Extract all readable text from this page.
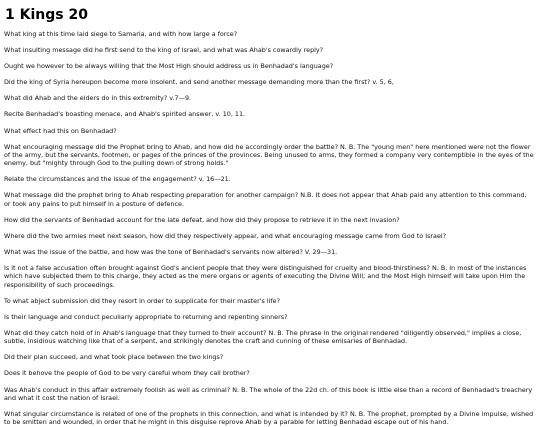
1 Kings 20

What king at this time laid siege to Samaria, and with how large a force?

What insulting message did he first send to the king of Israel, and what was Ahab's cowardly reply?

Ought we however to be always willing that the Most High should address us in Benhadad's language?

Did the king of Syria hereupon become more insolent, and send another message demanding more than the first? v. 5, 6,

What did Ahab and the elders do in this extremity? v.7—9.

Recite Benhadad's boasting menace, and Ahab's spirited answer, v. 10, 11.

What effect had this on Benhadad?

What encouraging message did the Prophet bring to Ahab, and how did he accordingly order the battle? N. B. The "young men" here mentioned were not the flower of the army, but the servants, footmen, or pages of the princes of the provinces. Being unused to arms, they formed a company very contemptible in the eyes of the enemy, but "mighty through God to the pulling down of strong holds."

Relate the circumstances and the issue of the engagement? v. 16—21.

What message did the prophet bring to Ahab respecting preparation for another campaign? N.B. It does not appear that Ahab paid any attention to this command, or took any pains to put himself in a posture of defence.

How did the servants of Benhadad account for the late defeat, and how did they propose to retrieve it in the next invasion?

Where did the two armies meet next season, how did they respectively appear, and what encouraging message came from God to Israel?

What was the issue of the battle, and how was the tone of Benhadad's servants now altered? V. 29—31.

Is it not a false accusation often brought against God's ancient people that they were distinguished for cruelty and blood-thirstiness? N. B. In most of the instances which have subjected them to this charge, they acted as the mere organs or agents of executing the Divine Will; and the Most High himself will take upon Him the responsibility of such proceedings.

To what abject submission did they resort in order to supplicate for their master's life?

Is their language and conduct peculiarly appropriate to returning and repenting sinners?

What did they catch hold of in Ahab's language that they turned to their account? N. B. The phrase in the original rendered "diligently observed," implies a close, subtle, insidious watching like that of a serpent, and strikingly denotes the craft and cunning of these emisaries of Benhadad.

Did their plan succeed, and what took place between the two kings?

Does it behove the people of God to be very careful whom they call brother?

Was Ahab's conduct in this affair extremely foolish as well as criminal? N. B. The whole of the 22d ch. of this book is little else than a record of Benhadad's treachery and what it cost the nation of Israel.

What singular circumstance is related of one of the prophets in this connection, and what is intended by it? N. B. The prophet, prompted by a Divine impulse, wished to be smitten and wounded, in order that he might in this disguise reprove Ahab by a parable for letting Benhadad escape out of his hand.
